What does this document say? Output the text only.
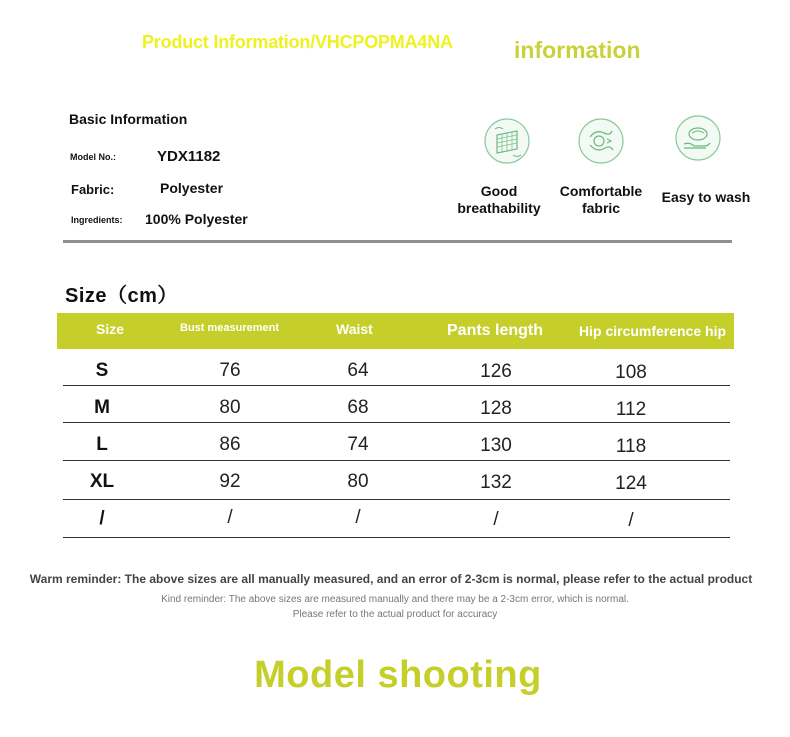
Product Information/VHCPOPMA4NA	information
Basic Information
Model No.:	YDX1182
Fabric:	Polyester
Ingredients: 100% Polyester
Good
breathability
Comfortable
fabric
Easy to wash
Size（cm）
Size	Bust measurement	Waist	Pants length	Hip circumference hip
S	76	64	126	108
M	80	68	128	112
L	86	74	130	118
XL	92	80	132	124
/	/	/	/	/
Warm reminder: The above sizes are all manually measured, and an error of 2-3cm is normal, please refer to the actual product
Kind reminder: The above sizes are measured manually and there may be a 2-3cm error, which is normal.
Please refer to the actual product for accuracy
Model shooting
